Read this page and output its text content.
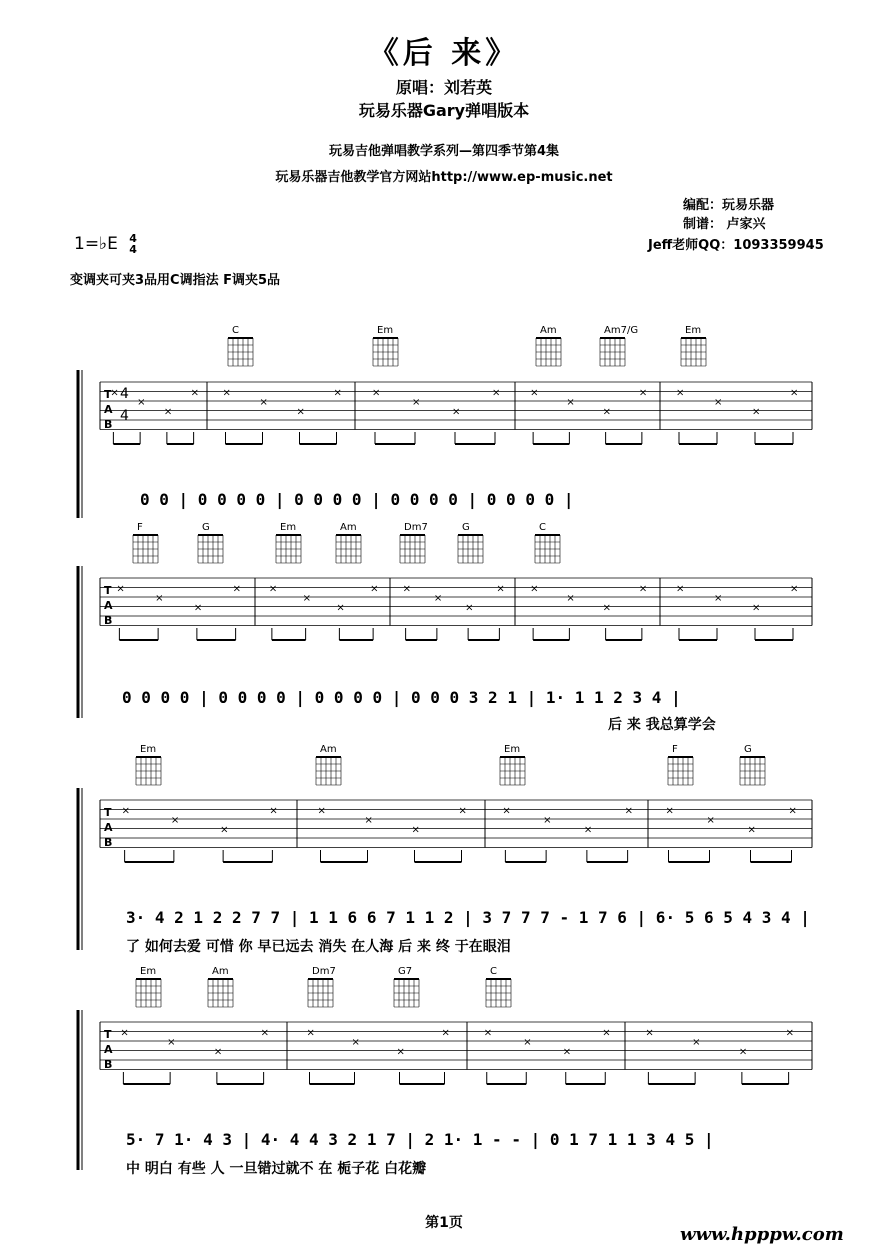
《后 来》
原唱：刘若英
玩易乐器Gary弹唱版本
玩易吉他弹唱教学系列—第四季节第4集
玩易乐器吉他教学官方网站http://www.ep-music.net
编配：玩易乐器
制谱： 卢家兴
Jeff老师QQ：1093359945
1=♭E 4
4
变调夹可夹3品用C调指法 F调夹5品
T
A
B
4
4
×
×
×
× ×
×
×
×	×
×
×
×	×
×
×
×	×
×
×
×
C	Em	Am	Am7/G	Em
T
A
B
×
×
×
×	×
×
×
× ×
×
×
×	×
×
×
×	×
×
×
×
F	G	Em	Am	Dm7	G	C
T
A
B
×
×
×
×	×
×
×
×	×
×
×
×	×
×
×
×
Em	Am	Em	F	G
T
A
B
×
×
×
×	×
×
×
×	×
×
×
×	×
×
×
×
Em	Am	Dm7	G7	C
0 0 | 0 0 0 0 | 0 0 0 0 | 0 0 0 0 | 0 0 0 0 |
0 0 0 0 | 0 0 0 0 | 0 0 0 0 | 0 0 0 3 2 1 | 1· 1 1 2 3 4 |
后 来 我总算学会
3· 4 2 1 2 2 7 7 | 1 1 6 6 7 1 1 2 | 3 7 7 7 - 1 7 6 | 6· 5 6 5 4 3 4 |
了 如何去爱 可惜 你 早已远去 消失 在人海 后 来 终 于在眼泪
5· 7 1· 4 3 | 4· 4 4 3 2 1 7 | 2 1· 1 - - | 0 1 7 1 1 3 4 5 |
中 明白 有些 人 一旦错过就不 在 栀子花 白花瓣
第1页
www.hpppw.com
